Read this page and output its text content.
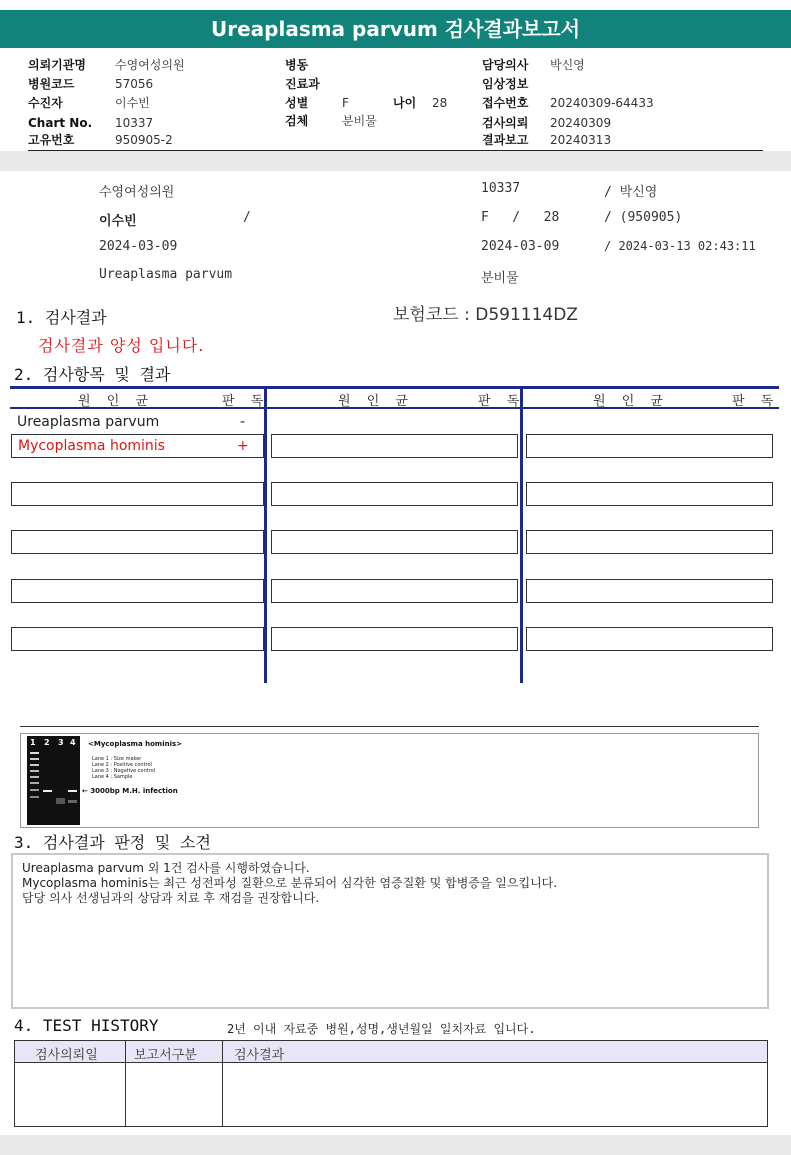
Ureaplasma parvum 검사결과보고서
의뢰기관명 수영여성의원
병원코드	57056
수진자	이수빈
Chart No. 10337
고유번호	950905-2
병동
진료과
성별	F	나이 28
검체	분비물
담당의사 박신영
임상정보
접수번호 20240309-64433
검사의뢰 20240309
결과보고 20240313
수영여성의원	10337	/ 박신영
이수빈	/	F   /   28	/ (950905)
2024-03-09	2024-03-09	/ 2024-03-13 02:43:11
Ureaplasma parvum	분비물
1. 검사결과	보험코드 : D591114DZ
검사결과 양성 입니다.
2. 검사항목 및 결과
원 인 균	판 독	원 인 균	판 독	원 인 균	판 독
Ureaplasma parvum	-
Mycoplasma hominis	+
1 2 3 4 <Mycoplasma hominis>
Lane 1 : Size maker
Lane 2 : Positive control
Lane 3 : Negative control
Lane 4 : Sample
← 3000bp M.H. infection
3. 검사결과 판정 및 소견
Ureaplasma parvum 외 1건 검사를 시행하였습니다.
Mycoplasma hominis는 최근 성전파성 질환으로 분류되어 심각한 염증질환 및 합병증을 일으킵니다.
담당 의사 선생님과의 상담과 치료 후 재검을 권장합니다.
4. TEST HISTORY	2년 이내 자료중 병원,성명,생년월일 일치자료 입니다.
검사의뢰일	보고서구분	검사결과
